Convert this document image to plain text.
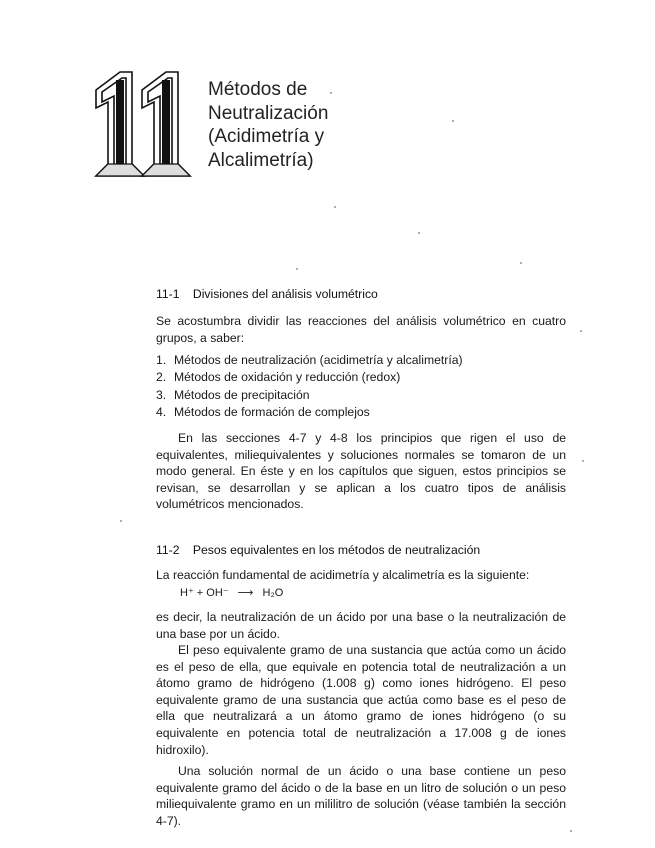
Métodos de
Neutralización
(Acidimetría y
Alcalimetría)
11-1 Divisiones del análisis volumétrico

Se acostumbra dividir las reacciones del análisis volumétrico en cuatro grupos, a saber:

1. Métodos de neutralización (acidimetría y alcalimetría)
2. Métodos de oxidación y reducción (redox)
3. Métodos de precipitación
4. Métodos de formación de complejos

En las secciones 4-7 y 4-8 los principios que rigen el uso de equivalentes, miliequivalentes y soluciones normales se tomaron de un modo general. En éste y en los capítulos que siguen, estos principios se revisan, se desarrollan y se aplican a los cuatro tipos de análisis volumétricos mencionados.

11-2 Pesos equivalentes en los métodos de neutralización

La reacción fundamental de acidimetría y alcalimetría es la siguiente:

H⁺ + OH⁻ ⟶ H₂O

es decir, la neutralización de un ácido por una base o la neutralización de una base por un ácido.

El peso equivalente gramo de una sustancia que actúa como un ácido es el peso de ella, que equivale en potencia total de neutralización a un átomo gramo de hidrógeno (1.008 g) como iones hidrógeno. El peso equivalente gramo de una sustancia que actúa como base es el peso de ella que neutralizará a un átomo gramo de iones hidrógeno (o su equivalente en potencia total de neutralización a 17.008 g de iones hidroxilo).

Una solución normal de un ácido o una base contiene un peso equivalente gramo del ácido o de la base en un litro de solución o un peso miliequivalente gramo en un mililitro de solución (véase también la sección 4-7).
